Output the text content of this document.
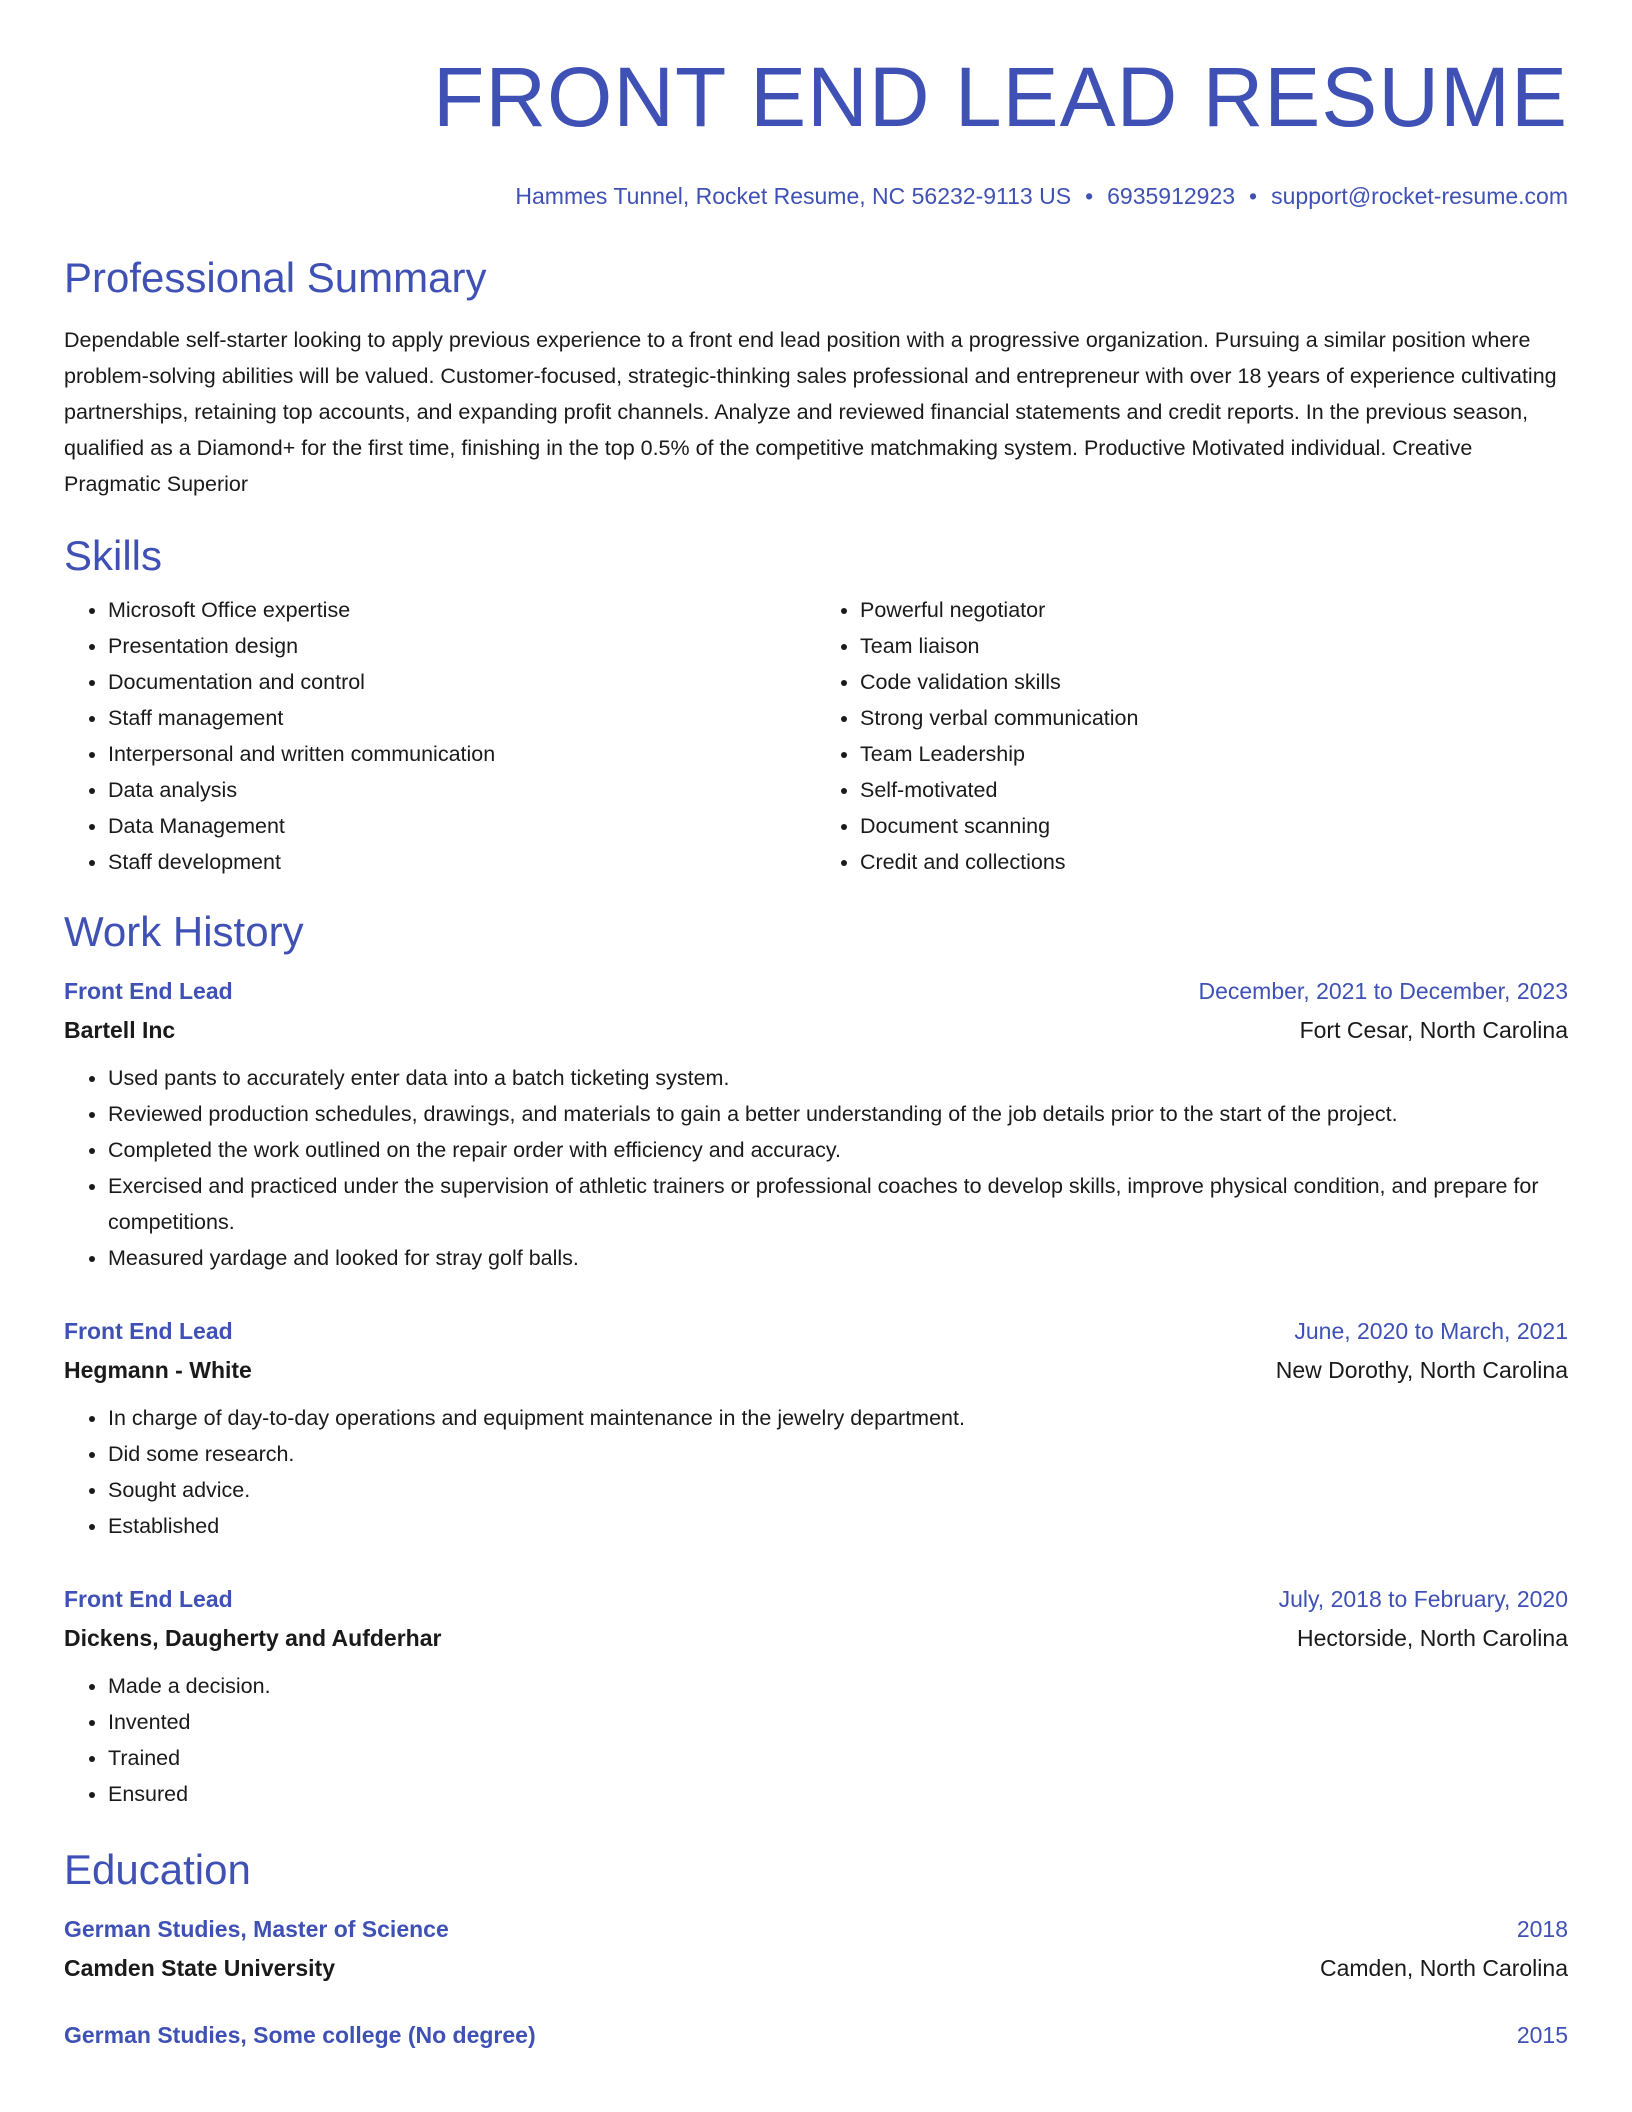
FRONT END LEAD RESUME
Hammes Tunnel, Rocket Resume, NC 56232-9113 US • 6935912923 • support@rocket-resume.com
Professional Summary

Dependable self-starter looking to apply previous experience to a front end lead position with a progressive organization. Pursuing a similar position where problem-solving abilities will be valued. Customer-focused, strategic-thinking sales professional and entrepreneur with over 18 years of experience cultivating partnerships, retaining top accounts, and expanding profit channels. Analyze and reviewed financial statements and credit reports. In the previous season, qualified as a Diamond+ for the first time, finishing in the top 0.5% of the competitive matchmaking system. Productive Motivated individual. Creative Pragmatic Superior

Skills
• Microsoft Office expertise
• Presentation design
• Documentation and control
• Staff management
• Interpersonal and written communication
• Data analysis
• Data Management
• Staff development
• Powerful negotiator
• Team liaison
• Code validation skills
• Strong verbal communication
• Team Leadership
• Self-motivated
• Document scanning
• Credit and collections
Work History
Front End Lead	December, 2021 to December, 2023
Bartell Inc	Fort Cesar, North Carolina
• Used pants to accurately enter data into a batch ticketing system.
• Reviewed production schedules, drawings, and materials to gain a better understanding of the job details prior to the start of the project.
• Completed the work outlined on the repair order with efficiency and accuracy.
• Exercised and practiced under the supervision of athletic trainers or professional coaches to develop skills, improve physical condition, and prepare for competitions.
• Measured yardage and looked for stray golf balls.
Front End Lead	June, 2020 to March, 2021
Hegmann - White	New Dorothy, North Carolina
• In charge of day-to-day operations and equipment maintenance in the jewelry department.
• Did some research.
• Sought advice.
• Established
Front End Lead	July, 2018 to February, 2020
Dickens, Daugherty and Aufderhar	Hectorside, North Carolina
• Made a decision.
• Invented
• Trained
• Ensured
Education
German Studies, Master of Science	2018
Camden State University	Camden, North Carolina
German Studies, Some college (No degree)	2015
